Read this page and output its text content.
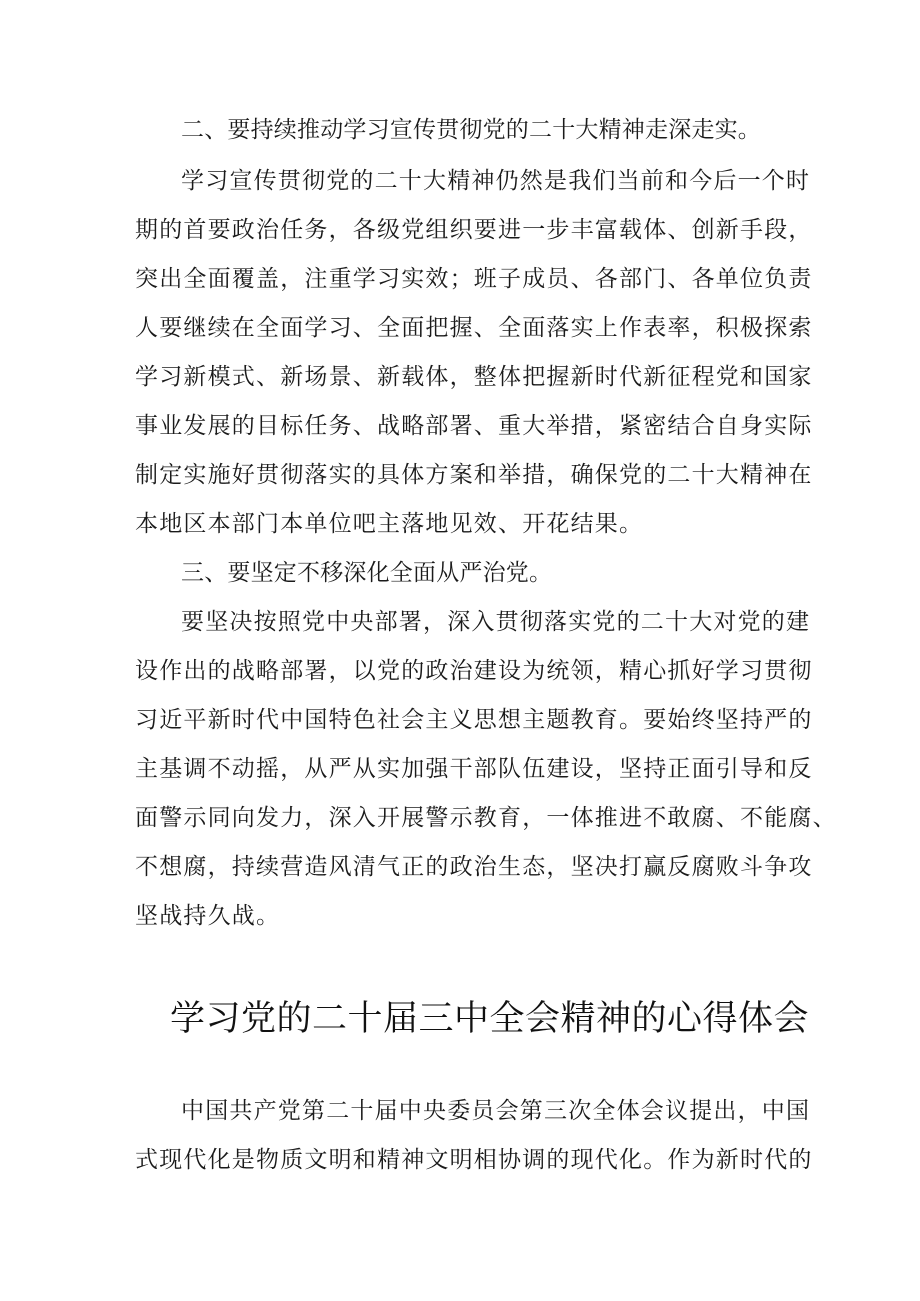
二、要持续推动学习宣传贯彻党的二十大精神走深走实。
学习宣传贯彻党的二十大精神仍然是我们当前和今后一个时
期的首要政治任务，各级党组织要进一步丰富载体、创新手段，
突出全面覆盖，注重学习实效；班子成员、各部门、各单位负责
人要继续在全面学习、全面把握、全面落实上作表率，积极探索
学习新模式、新场景、新载体，整体把握新时代新征程党和国家
事业发展的目标任务、战略部署、重大举措，紧密结合自身实际
制定实施好贯彻落实的具体方案和举措，确保党的二十大精神在
本地区本部门本单位吧主落地见效、开花结果。
三、要坚定不移深化全面从严治党。
要坚决按照党中央部署，深入贯彻落实党的二十大对党的建
设作出的战略部署，以党的政治建设为统领，精心抓好学习贯彻
习近平新时代中国特色社会主义思想主题教育。要始终坚持严的
主基调不动摇，从严从实加强干部队伍建设，坚持正面引导和反
面警示同向发力，深入开展警示教育，一体推进不敢腐、不能腐、
不想腐，持续营造风清气正的政治生态，坚决打赢反腐败斗争攻
坚战持久战。
学习党的二十届三中全会精神的心得体会
中国共产党第二十届中央委员会第三次全体会议提出，中国
式现代化是物质文明和精神文明相协调的现代化。作为新时代的
